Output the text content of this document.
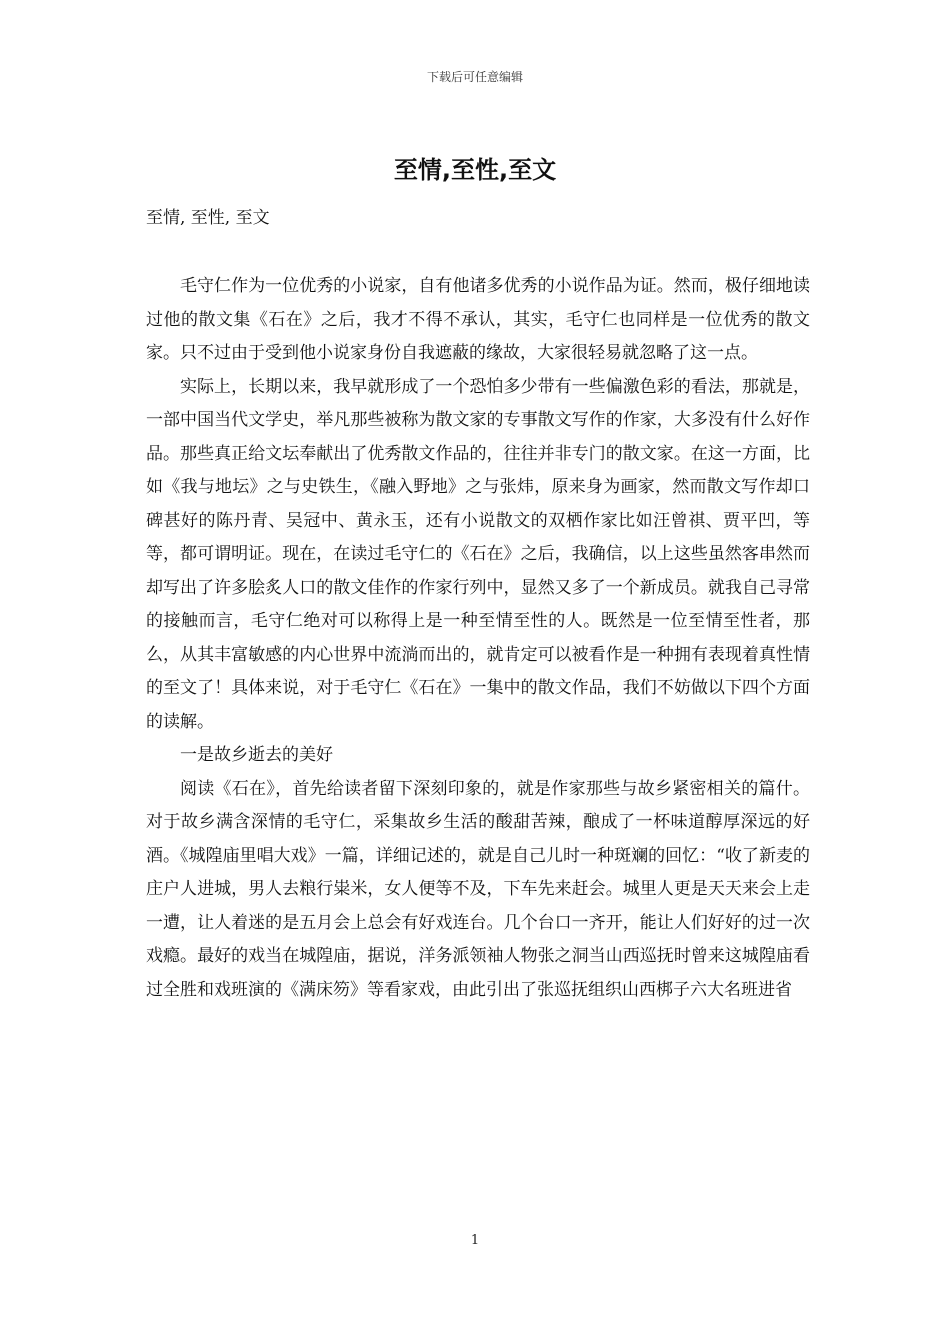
下载后可任意编辑
至情,至性,至文
至情, 至性, 至文

毛守仁作为一位优秀的小说家，自有他诸多优秀的小说作品为证。然而，极仔细地读过他的散文集《石在》之后，我才不得不承认，其实，毛守仁也同样是一位优秀的散文家。只不过由于受到他小说家身份自我遮蔽的缘故，大家很轻易就忽略了这一点。

实际上，长期以来，我早就形成了一个恐怕多少带有一些偏激色彩的看法，那就是，一部中国当代文学史，举凡那些被称为散文家的专事散文写作的作家，大多没有什么好作品。那些真正给文坛奉献出了优秀散文作品的，往往并非专门的散文家。在这一方面，比如《我与地坛》之与史铁生，《融入野地》之与张炜，原来身为画家，然而散文写作却口碑甚好的陈丹青、吴冠中、黄永玉，还有小说散文的双栖作家比如汪曾祺、贾平凹，等等，都可谓明证。现在，在读过毛守仁的《石在》之后，我确信，以上这些虽然客串然而却写出了许多脍炙人口的散文佳作的作家行列中，显然又多了一个新成员。就我自己寻常的接触而言，毛守仁绝对可以称得上是一种至情至性的人。既然是一位至情至性者，那么，从其丰富敏感的内心世界中流淌而出的，就肯定可以被看作是一种拥有表现着真性情的至文了！具体来说，对于毛守仁《石在》一集中的散文作品，我们不妨做以下四个方面的读解。

一是故乡逝去的美好

阅读《石在》，首先给读者留下深刻印象的，就是作家那些与故乡紧密相关的篇什。对于故乡满含深情的毛守仁，采集故乡生活的酸甜苦辣，酿成了一杯味道醇厚深远的好酒。《城隍庙里唱大戏》一篇，详细记述的，就是自己儿时一种斑斓的回忆：“收了新麦的庄户人进城，男人去粮行粜米，女人便等不及，下车先来赶会。城里人更是天天来会上走一遭，让人着迷的是五月会上总会有好戏连台。几个台口一齐开，能让人们好好的过一次戏瘾。最好的戏当在城隍庙，据说，洋务派领袖人物张之洞当山西巡抚时曾来这城隍庙看过全胜和戏班演的《满床笏》等看家戏，由此引出了张巡抚组织山西梆子六大名班进省

1
